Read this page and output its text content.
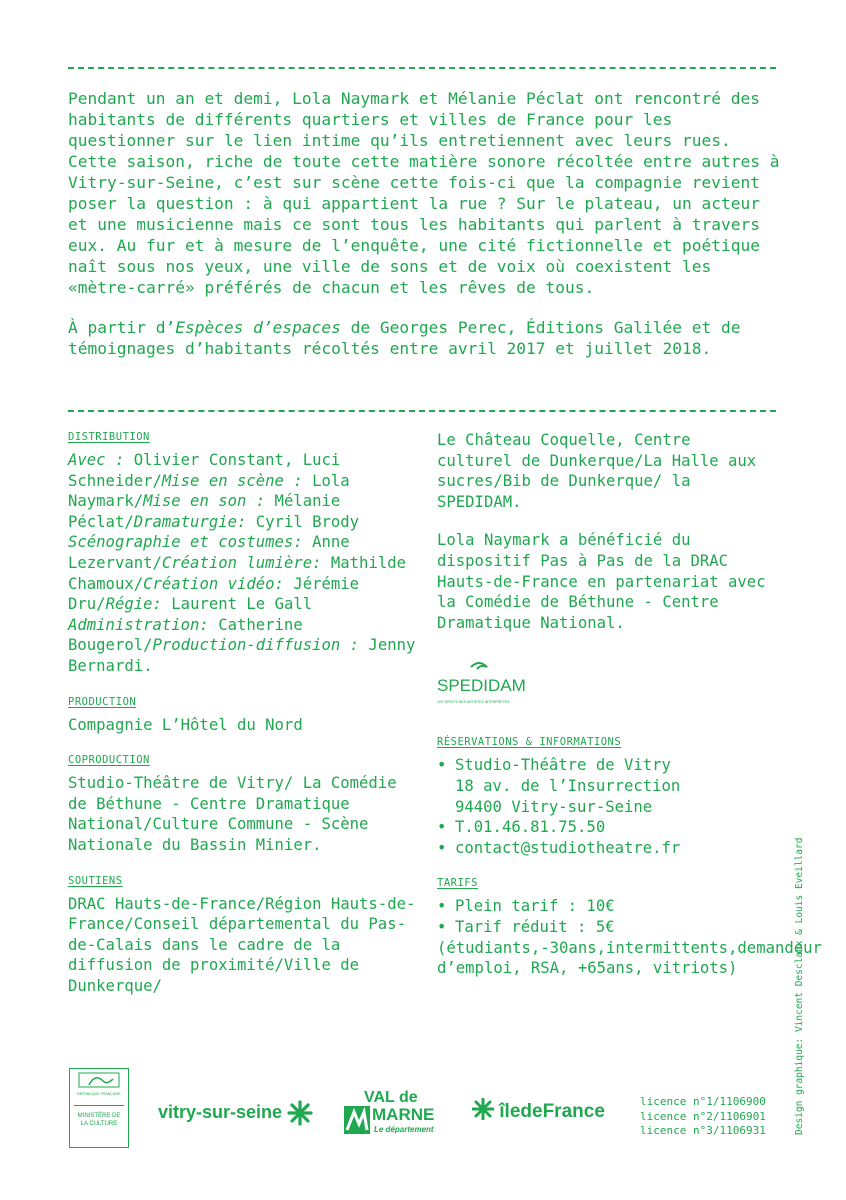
Pendant un an et demi, Lola Naymark et Mélanie Péclat ont rencontré des habitants de différents quartiers et villes de France pour les questionner sur le lien intime qu’ils entretiennent avec leurs rues. Cette saison, riche de toute cette matière sonore récoltée entre autres à Vitry-sur-Seine, c’est sur scène cette fois-ci que la compagnie revient poser la question : à qui appartient la rue ? Sur le plateau, un acteur et une musicienne mais ce sont tous les habitants qui parlent à travers eux. Au fur et à mesure de l’enquête, une cité fictionnelle et poétique naît sous nos yeux, une ville de sons et de voix où coexistent les «mètre-carré» préférés de chacun et les rêves de tous.

À partir d’Espèces d’espaces de Georges Perec, Éditions Galilée et de témoignages d’habitants récoltés entre avril 2017 et juillet 2018.

DISTRIBUTION

Avec : Olivier Constant, Luci Schneider/Mise en scène : Lola Naymark/Mise en son : Mélanie Péclat/Dramaturgie: Cyril Brody Scénographie et costumes: Anne Lezervant/Création lumière: Mathilde Chamoux/Création vidéo: Jérémie Dru/Régie: Laurent Le Gall Administration: Catherine Bougerol/Production-diffusion : Jenny Bernardi.

PRODUCTION

Compagnie L’Hôtel du Nord

COPRODUCTION

Studio-Théâtre de Vitry/ La Comédie de Béthune - Centre Dramatique National/Culture Commune - Scène Nationale du Bassin Minier.

SOUTIENS

DRAC Hauts-de-France/Région Hauts-de-France/Conseil départemental du Pas-de-Calais dans le cadre de la diffusion de proximité/Ville de Dunkerque/

Le Château Coquelle, Centre culturel de Dunkerque/La Halle aux sucres/Bib de Dunkerque/ la SPEDIDAM.

Lola Naymark a bénéficié du dispositif Pas à Pas de la DRAC Hauts-de-France en partenariat avec la Comédie de Béthune - Centre Dramatique National.

SPEDIDAM
LES DROITS DES ARTISTES INTERPRÈTES
RÉSERVATIONS & INFORMATIONS
• Studio-Théâtre de Vitry
18 av. de l’Insurrection
94400 Vitry-sur-Seine
• T.01.46.81.75.50
• contact@studiotheatre.fr
TARIFS
• Plein tarif : 10€
• Tarif réduit : 5€

(étudiants,-30ans,intermittents,demandeur d’emploi, RSA, +65ans, vitriots)	Design graphique: Vincent Desclaux & Louis Eveillard
RÉPUBLIQUE FRANÇAISE
MINISTÈRE DE LA CULTURE
vitry-sur-seine
VAL de
MARNE
Le département
îledeFrance	licence n°1/1106900
licence n°2/1106901
licence n°3/1106931
